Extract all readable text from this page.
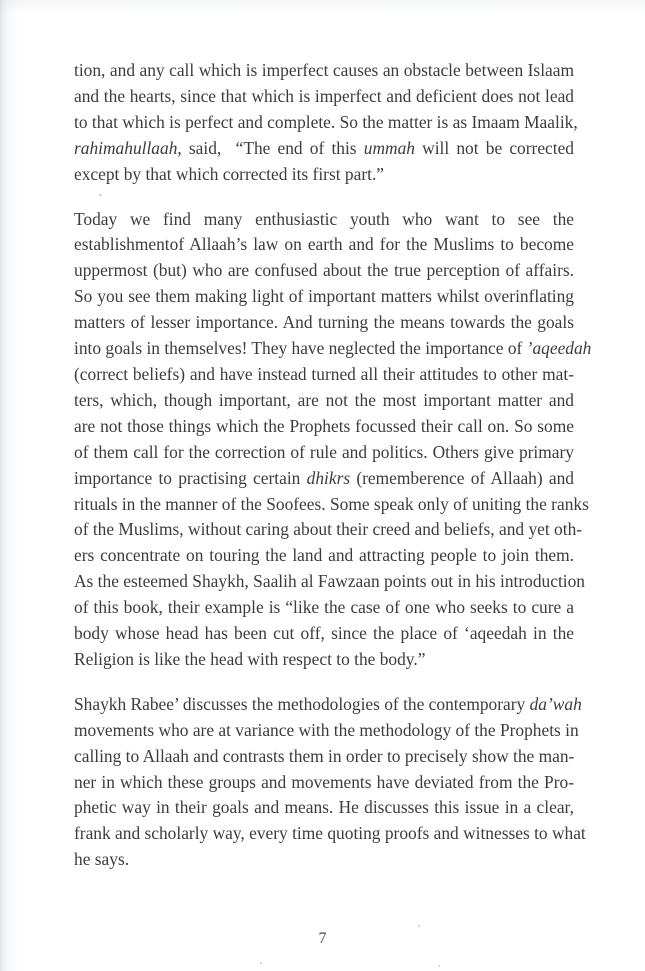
tion, and any call which is imperfect causes an obstacle between Islaam
and the hearts, since that which is imperfect and deficient does not lead
to that which is perfect and complete. So the matter is as Imaam Maalik,
rahimahullaah, said,  “The end of this ummah will not be corrected
except by that which corrected its first part.”

Today we find many enthusiastic youth who want to see the
establishmentof Allaah’s law on earth and for the Muslims to become
uppermost (but) who are confused about the true perception of affairs.
So you see them making light of important matters whilst overinflating
matters of lesser importance. And turning the means towards the goals
into goals in themselves! They have neglected the importance of ’aqeedah
(correct beliefs) and have instead turned all their attitudes to other mat-
ters, which, though important, are not the most important matter and
are not those things which the Prophets focussed their call on. So some
of them call for the correction of rule and politics. Others give primary
importance to practising certain dhikrs (rememberence of Allaah) and
rituals in the manner of the Soofees. Some speak only of uniting the ranks
of the Muslims, without caring about their creed and beliefs, and yet oth-
ers concentrate on touring the land and attracting people to join them.
As the esteemed Shaykh, Saalih al Fawzaan points out in his introduction
of this book, their example is “like the case of one who seeks to cure a
body whose head has been cut off, since the place of ‘aqeedah in the
Religion is like the head with respect to the body.”

Shaykh Rabee’ discusses the methodologies of the contemporary da’wah
movements who are at variance with the methodology of the Prophets in
calling to Allaah and contrasts them in order to precisely show the man-
ner in which these groups and movements have deviated from the Pro-
phetic way in their goals and means. He discusses this issue in a clear,
frank and scholarly way, every time quoting proofs and witnesses to what
he says.

7
